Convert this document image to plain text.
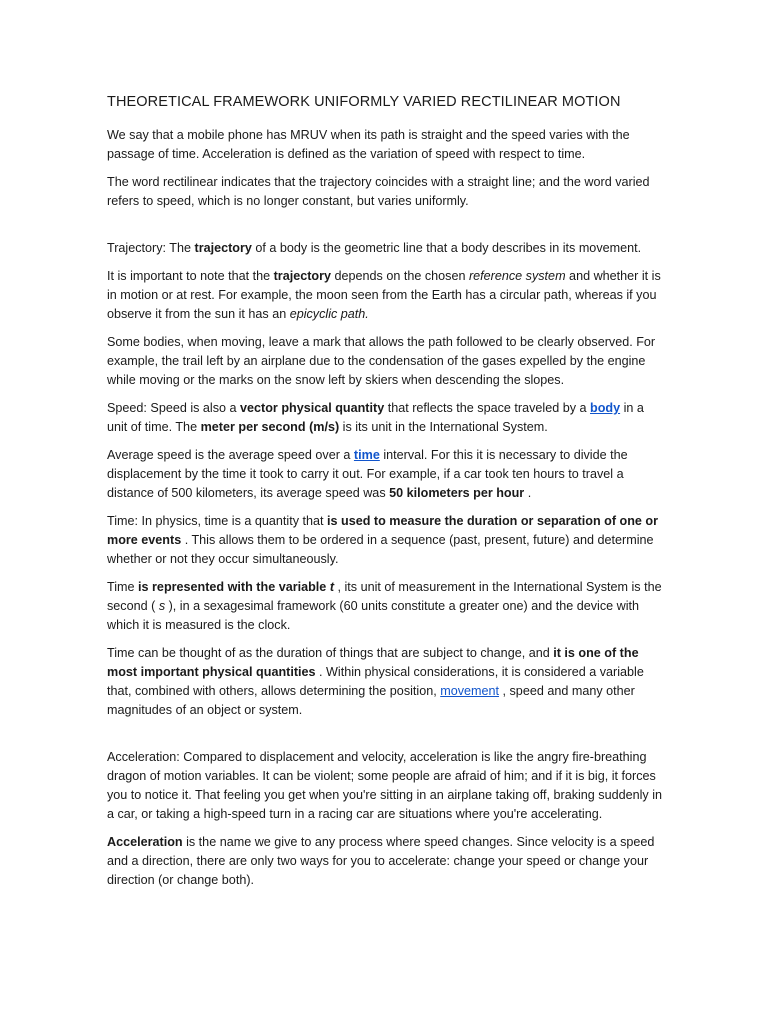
THEORETICAL FRAMEWORK UNIFORMLY VARIED RECTILINEAR MOTION

We say that a mobile phone has MRUV when its path is straight and the speed varies with the passage of time. Acceleration is defined as the variation of speed with respect to time.

The word rectilinear indicates that the trajectory coincides with a straight line; and the word varied refers to speed, which is no longer constant, but varies uniformly.

Trajectory: The trajectory of a body is the geometric line that a body describes in its movement.

It is important to note that the trajectory depends on the chosen reference system and whether it is in motion or at rest. For example, the moon seen from the Earth has a circular path, whereas if you observe it from the sun it has an epicyclic path.

Some bodies, when moving, leave a mark that allows the path followed to be clearly observed. For example, the trail left by an airplane due to the condensation of the gases expelled by the engine while moving or the marks on the snow left by skiers when descending the slopes.

Speed: Speed is also a vector physical quantity that reflects the space traveled by a body in a unit of time. The meter per second (m/s) is its unit in the International System.

Average speed is the average speed over a time interval. For this it is necessary to divide the displacement by the time it took to carry it out. For example, if a car took ten hours to travel a distance of 500 kilometers, its average speed was 50 kilometers per hour .

Time: In physics, time is a quantity that is used to measure the duration or separation of one or more events . This allows them to be ordered in a sequence (past, present, future) and determine whether or not they occur simultaneously.

Time is represented with the variable t , its unit of measurement in the International System is the second ( s ), in a sexagesimal framework (60 units constitute a greater one) and the device with which it is measured is the clock.

Time can be thought of as the duration of things that are subject to change, and it is one of the most important physical quantities . Within physical considerations, it is considered a variable that, combined with others, allows determining the position, movement , speed and many other magnitudes of an object or system.

Acceleration: Compared to displacement and velocity, acceleration is like the angry fire-breathing dragon of motion variables. It can be violent; some people are afraid of him; and if it is big, it forces you to notice it. That feeling you get when you're sitting in an airplane taking off, braking suddenly in a car, or taking a high-speed turn in a racing car are situations where you're accelerating.

Acceleration is the name we give to any process where speed changes. Since velocity is a speed and a direction, there are only two ways for you to accelerate: change your speed or change your direction (or change both).
